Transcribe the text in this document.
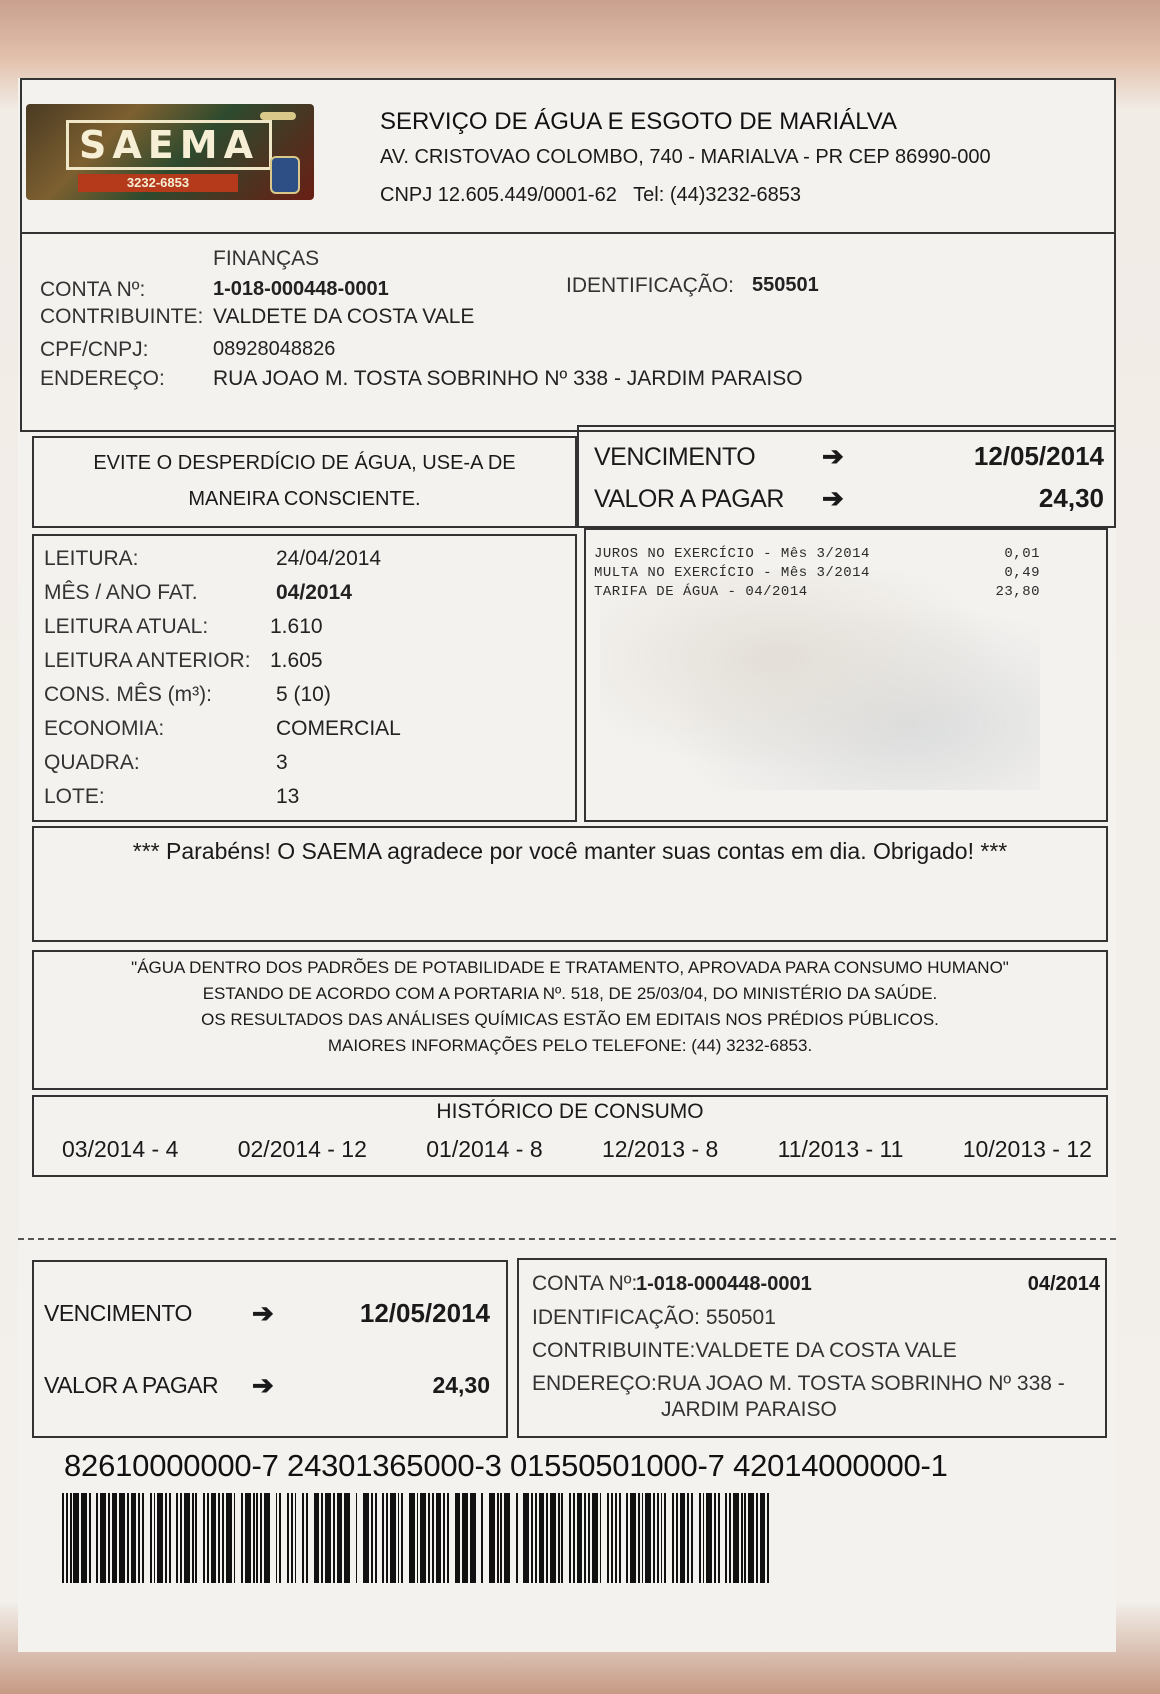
SAEMA
3232-6853
SERVIÇO DE ÁGUA E ESGOTO DE MARIÁLVA
AV. CRISTOVAO COLOMBO, 740 - MARIALVA - PR CEP 86990-000
CNPJ 12.605.449/0001-62   Tel: (44)3232-6853
FINANÇAS
CONTA Nº:	1-018-000448-0001	IDENTIFICAÇÃO: 550501
CONTRIBUINTE: VALDETE DA COSTA VALE
CPF/CNPJ:	08928048826
ENDEREÇO: RUA JOAO M. TOSTA SOBRINHO Nº 338 - JARDIM PARAISO
EVITE O DESPERDÍCIO DE ÁGUA, USE-A DE
MANEIRA CONSCIENTE.
VENCIMENTO	➔	12/05/2014
VALOR A PAGAR ➔	24,30
LEITURA:	24/04/2014
MÊS / ANO FAT.	04/2014
LEITURA ATUAL:	1.610
LEITURA ANTERIOR: 1.605
CONS. MÊS (m³):	5 (10)
ECONOMIA:	COMERCIAL
QUADRA:	3
LOTE:	13
JUROS NO EXERCÍCIO - Mês 3/2014	0,01
MULTA NO EXERCÍCIO - Mês 3/2014	0,49
TARIFA DE ÁGUA - 04/2014	23,80
*** Parabéns! O SAEMA agradece por você manter suas contas em dia. Obrigado! ***
"ÁGUA DENTRO DOS PADRÕES DE POTABILIDADE E TRATAMENTO, APROVADA PARA CONSUMO HUMANO"
ESTANDO DE ACORDO COM A PORTARIA Nº. 518, DE 25/03/04, DO MINISTÉRIO DA SAÚDE.
OS RESULTADOS DAS ANÁLISES QUÍMICAS ESTÃO EM EDITAIS NOS PRÉDIOS PÚBLICOS.
MAIORES INFORMAÇÕES PELO TELEFONE: (44) 3232-6853.
HISTÓRICO DE CONSUMO
03/2014 - 4	02/2014 - 12	01/2014 - 8	12/2013 - 8	11/2013 - 11	10/2013 - 12
VENCIMENTO ➔	12/05/2014
VALOR A PAGAR ➔	24,30
CONTA Nº:
1-018-000448-0001	04/2014
IDENTIFICAÇÃO: 550501
CONTRIBUINTE:VALDETE DA COSTA VALE
ENDEREÇO:RUA JOAO M. TOSTA SOBRINHO Nº 338 -
JARDIM PARAISO
82610000000-7 24301365000-3 01550501000-7 42014000000-1
